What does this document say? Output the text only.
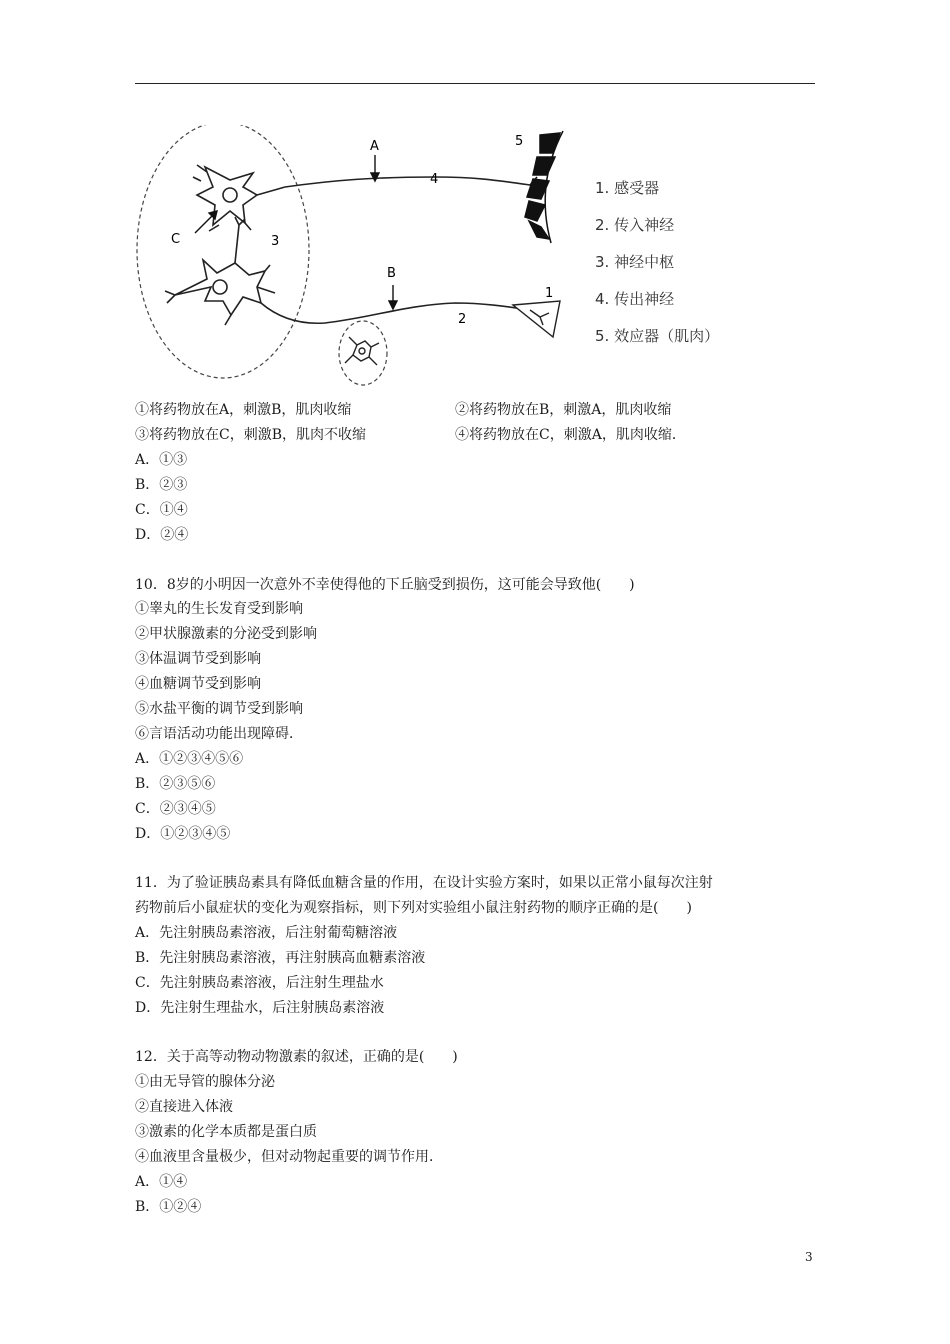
A
B
C
1
2
3
4
5
1. 感受器
2. 传入神经
3. 神经中枢
4. 传出神经
5. 效应器（肌肉）
①将药物放在A，刺激B，肌肉收缩	②将药物放在B，刺激A，肌肉收缩
③将药物放在C，刺激B，肌肉不收缩	④将药物放在C，刺激A，肌肉收缩．
A．①③
B．②③
C．①④
D．②④
10．8岁的小明因一次意外不幸使得他的下丘脑受到损伤，这可能会导致他(　　)
①睾丸的生长发育受到影响
②甲状腺激素的分泌受到影响
③体温调节受到影响
④血糖调节受到影响
⑤水盐平衡的调节受到影响
⑥言语活动功能出现障碍．
A．①②③④⑤⑥
B．②③⑤⑥
C．②③④⑤
D．①②③④⑤
11．为了验证胰岛素具有降低血糖含量的作用，在设计实验方案时，如果以正常小鼠每次注射
药物前后小鼠症状的变化为观察指标，则下列对实验组小鼠注射药物的顺序正确的是(　　)
A．先注射胰岛素溶液，后注射葡萄糖溶液
B．先注射胰岛素溶液，再注射胰高血糖素溶液
C．先注射胰岛素溶液，后注射生理盐水
D．先注射生理盐水，后注射胰岛素溶液
12．关于高等动物动物激素的叙述，正确的是(　　)
①由无导管的腺体分泌
②直接进入体液
③激素的化学本质都是蛋白质
④血液里含量极少，但对动物起重要的调节作用．
A．①④
B．①②④
3
